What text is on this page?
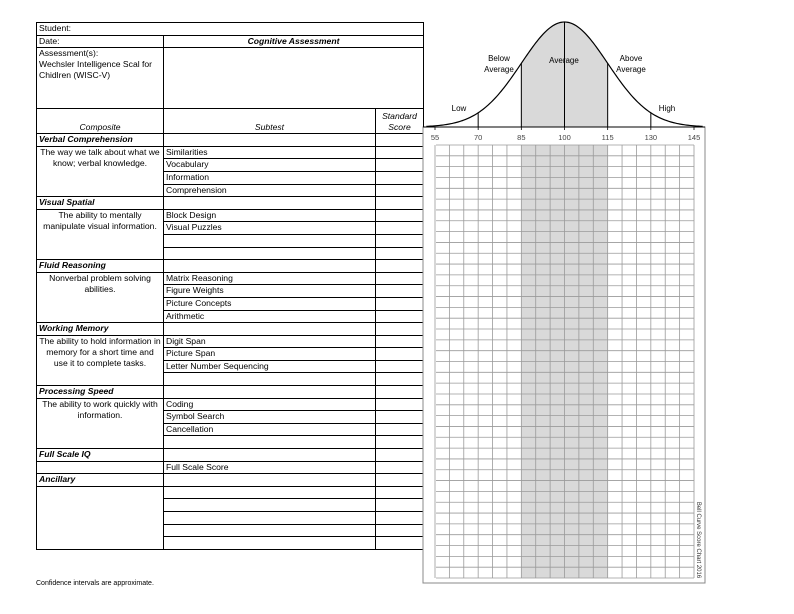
Student:		
Date:	Cognitive Assessment	

Assessment(s):
Wechsler Intelligence Scal for Chidlren (WISC-V)		

Composite	Subtest	Standard Score
Verbal Comprehension		
The way we talk about what we know; verbal knowledge.	Similarities	
	Vocabulary	
	Information	
	Comprehension	
Visual Spatial		
The ability to mentally manipulate visual information.	Block Design	
	Visual Puzzles	

Fluid Reasoning		
Nonverbal problem solving abilities.	Matrix Reasoning	
	Figure Weights	
	Picture Concepts	
	Arithmetic	
Working Memory		
The ability to hold information in memory for a short time and use it to complete tasks.	Digit Span	
	Picture Span	
	Letter Number Sequencing	

Processing Speed		
The ability to work quickly with information.	Coding	
	Symbol Search	
	Cancellation	

Full Scale IQ		
	Full Scale Score	
Ancillary		

Confidence intervals are approximate.
55	70	85	100	115	130	145
Low
Below
Average
Average	Above
Average
High
Bell Curve Score Chart 2016
